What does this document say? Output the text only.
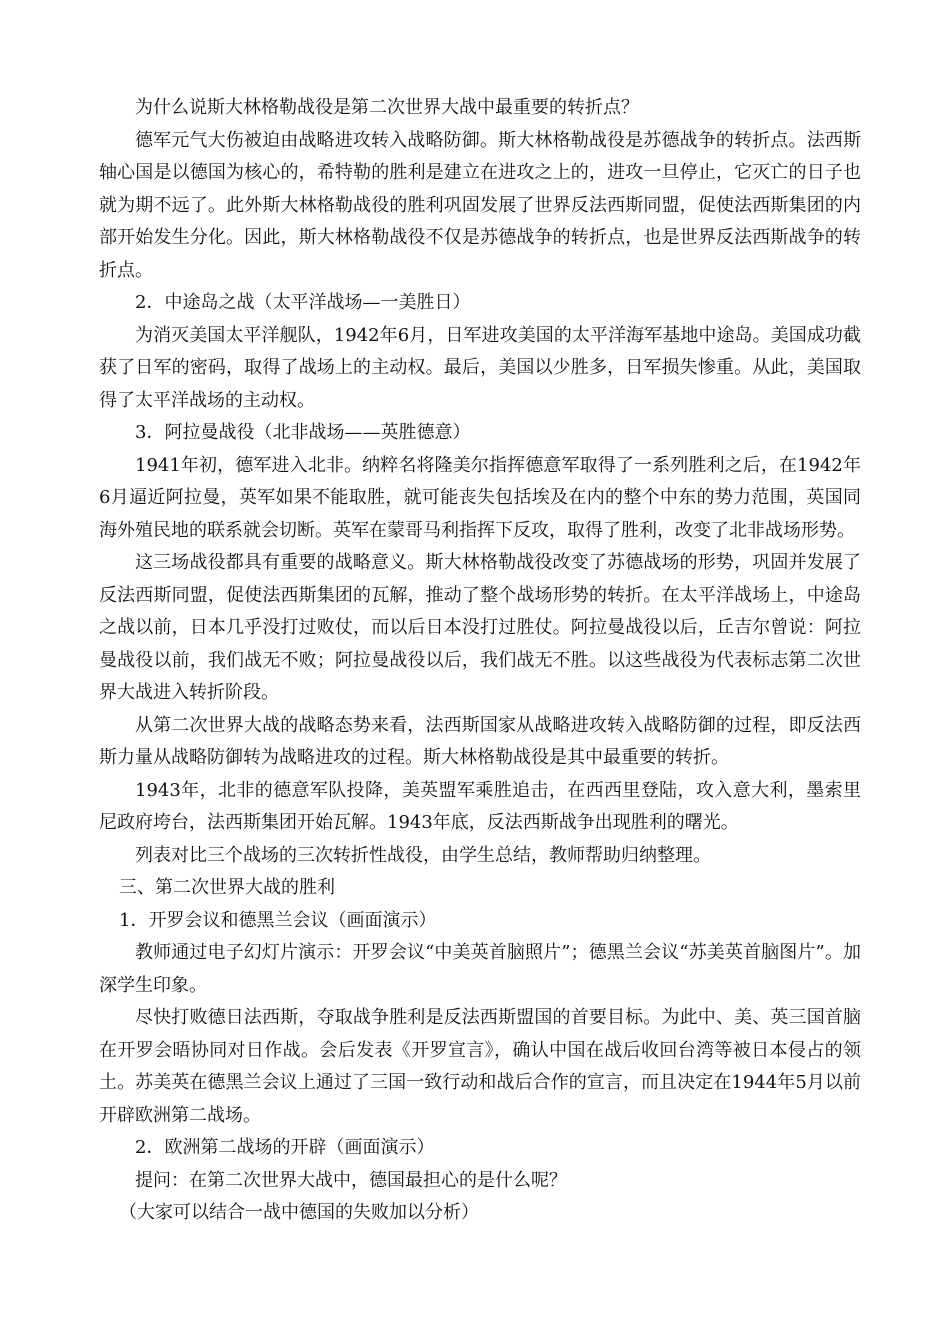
为什么说斯大林格勒战役是第二次世界大战中最重要的转折点？

德军元气大伤被迫由战略进攻转入战略防御。斯大林格勒战役是苏德战争的转折点。法西斯轴心国是以德国为核心的，希特勒的胜利是建立在进攻之上的，进攻一旦停止，它灭亡的日子也就为期不远了。此外斯大林格勒战役的胜利巩固发展了世界反法西斯同盟，促使法西斯集团的内部开始发生分化。因此，斯大林格勒战役不仅是苏德战争的转折点，也是世界反法西斯战争的转折点。

2．中途岛之战（太平洋战场—一美胜日）

为消灭美国太平洋舰队，1942年6月，日军进攻美国的太平洋海军基地中途岛。美国成功截获了日军的密码，取得了战场上的主动权。最后，美国以少胜多，日军损失惨重。从此，美国取得了太平洋战场的主动权。

3．阿拉曼战役（北非战场——英胜德意）

1941年初，德军进入北非。纳粹名将隆美尔指挥德意军取得了一系列胜利之后，在1942年6月逼近阿拉曼，英军如果不能取胜，就可能丧失包括埃及在内的整个中东的势力范围，英国同海外殖民地的联系就会切断。英军在蒙哥马利指挥下反攻，取得了胜利，改变了北非战场形势。

这三场战役都具有重要的战略意义。斯大林格勒战役改变了苏德战场的形势，巩固并发展了反法西斯同盟，促使法西斯集团的瓦解，推动了整个战场形势的转折。在太平洋战场上，中途岛之战以前，日本几乎没打过败仗，而以后日本没打过胜仗。阿拉曼战役以后，丘吉尔曾说：阿拉曼战役以前，我们战无不败；阿拉曼战役以后，我们战无不胜。以这些战役为代表标志第二次世界大战进入转折阶段。

从第二次世界大战的战略态势来看，法西斯国家从战略进攻转入战略防御的过程，即反法西斯力量从战略防御转为战略进攻的过程。斯大林格勒战役是其中最重要的转折。

1943年，北非的德意军队投降，美英盟军乘胜追击，在西西里登陆，攻入意大利，墨索里尼政府垮台，法西斯集团开始瓦解。1943年底，反法西斯战争出现胜利的曙光。

列表对比三个战场的三次转折性战役，由学生总结，教师帮助归纳整理。

三、第二次世界大战的胜利

1．开罗会议和德黑兰会议（画面演示）

教师通过电子幻灯片演示：开罗会议“中美英首脑照片”；德黑兰会议“苏美英首脑图片”。加深学生印象。

尽快打败德日法西斯，夺取战争胜利是反法西斯盟国的首要目标。为此中、美、英三国首脑在开罗会晤协同对日作战。会后发表《开罗宣言》，确认中国在战后收回台湾等被日本侵占的领土。苏美英在德黑兰会议上通过了三国一致行动和战后合作的宣言，而且决定在1944年5月以前开辟欧洲第二战场。

2．欧洲第二战场的开辟（画面演示）

提问：在第二次世界大战中，德国最担心的是什么呢？

（大家可以结合一战中德国的失败加以分析）
